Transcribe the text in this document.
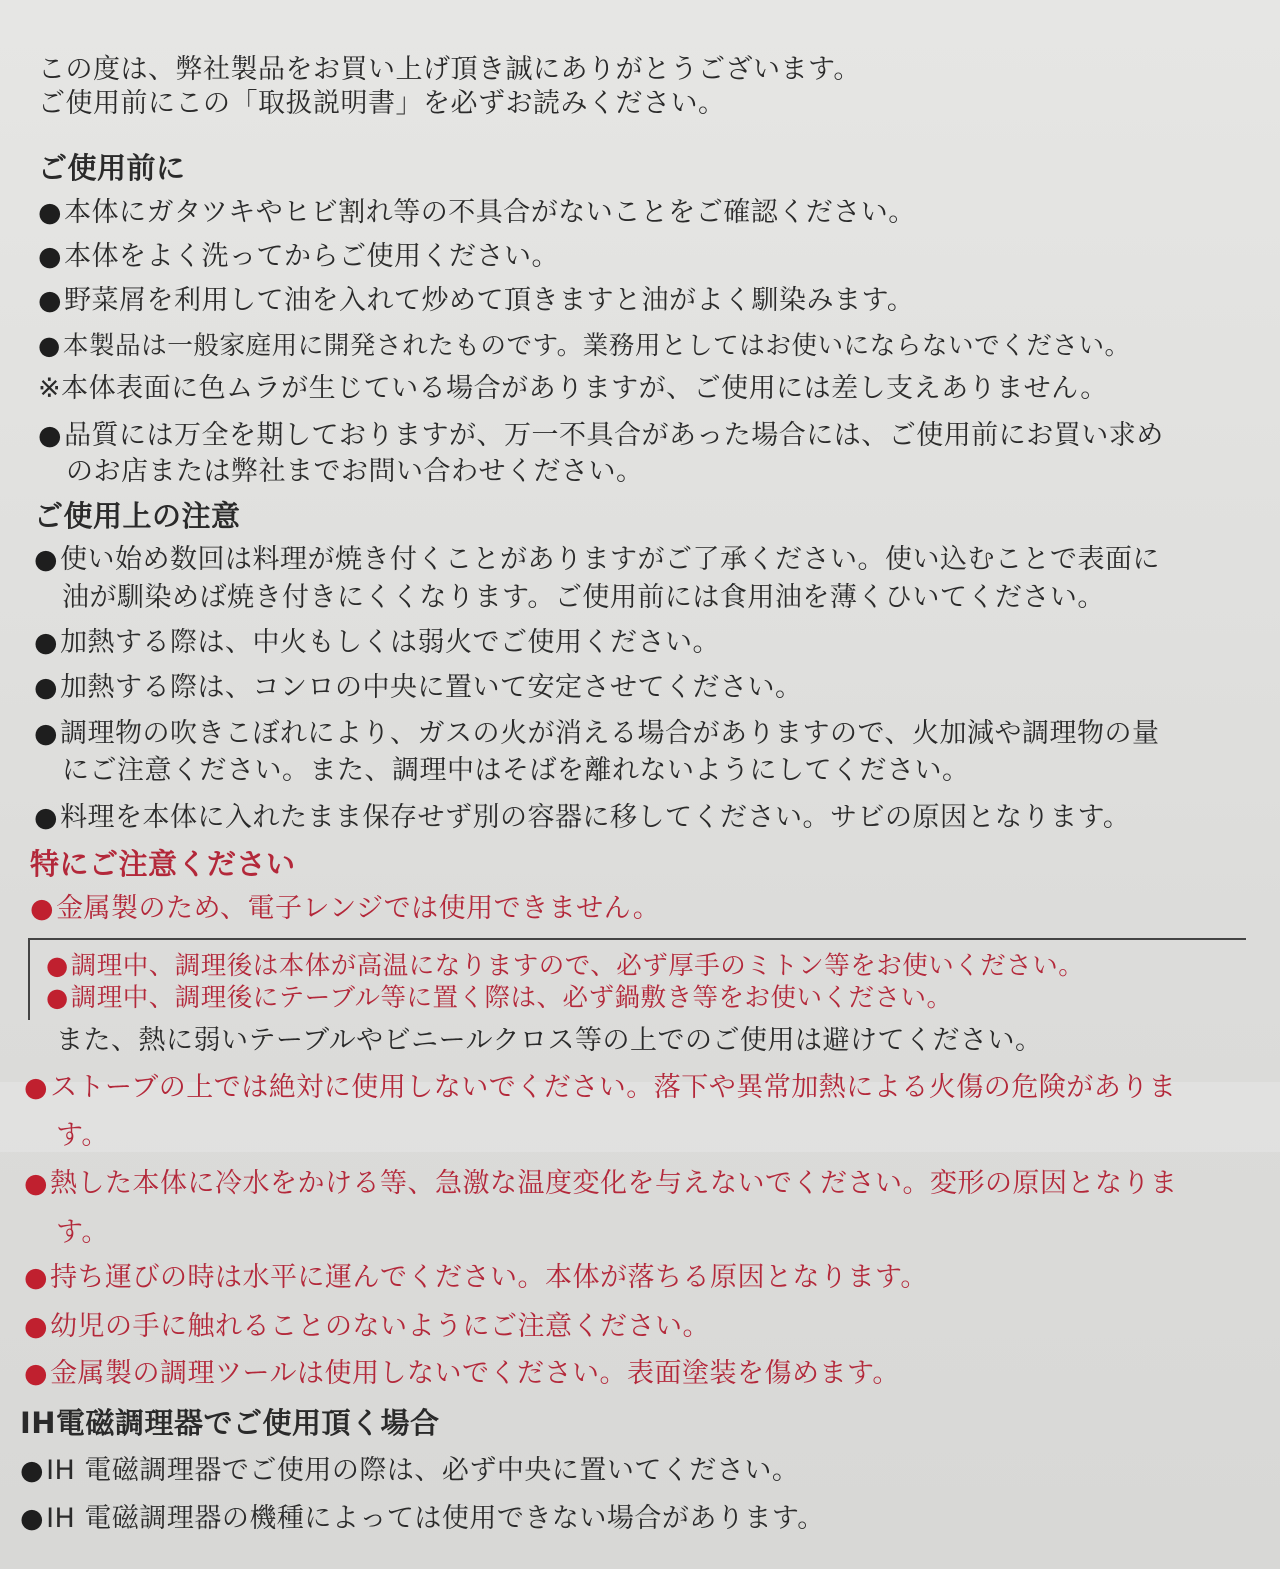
この度は、弊社製品をお買い上げ頂き誠にありがとうございます。
ご使用前にこの「取扱説明書」を必ずお読みください。
ご使用前に
●本体にガタツキやヒビ割れ等の不具合がないことをご確認ください。
●本体をよく洗ってからご使用ください。
●野菜屑を利用して油を入れて炒めて頂きますと油がよく馴染みます。
●本製品は一般家庭用に開発されたものです。業務用としてはお使いにならないでください。
※本体表面に色ムラが生じている場合がありますが、ご使用には差し支えありません。
●品質には万全を期しておりますが、万一不具合があった場合には、ご使用前にお買い求め
のお店または弊社までお問い合わせください。
ご使用上の注意
●使い始め数回は料理が焼き付くことがありますがご了承ください。使い込むことで表面に
油が馴染めば焼き付きにくくなります。ご使用前には食用油を薄くひいてください。
●加熱する際は、中火もしくは弱火でご使用ください。
●加熱する際は、コンロの中央に置いて安定させてください。
●調理物の吹きこぼれにより、ガスの火が消える場合がありますので、火加減や調理物の量
にご注意ください。また、調理中はそばを離れないようにしてください。
●料理を本体に入れたまま保存せず別の容器に移してください。サビの原因となります。
特にご注意ください
●金属製のため、電子レンジでは使用できません。
●調理中、調理後は本体が高温になりますので、必ず厚手のミトン等をお使いください。
●調理中、調理後にテーブル等に置く際は、必ず鍋敷き等をお使いください。
また、熱に弱いテーブルやビニールクロス等の上でのご使用は避けてください。
●ストーブの上では絶対に使用しないでください。落下や異常加熱による火傷の危険がありま
す。
●熱した本体に冷水をかける等、急激な温度変化を与えないでください。変形の原因となりま
す。
●持ち運びの時は水平に運んでください。本体が落ちる原因となります。
●幼児の手に触れることのないようにご注意ください。
●金属製の調理ツールは使用しないでください。表面塗装を傷めます。
IH電磁調理器でご使用頂く場合
●IH 電磁調理器でご使用の際は、必ず中央に置いてください。
●IH 電磁調理器の機種によっては使用できない場合があります。
